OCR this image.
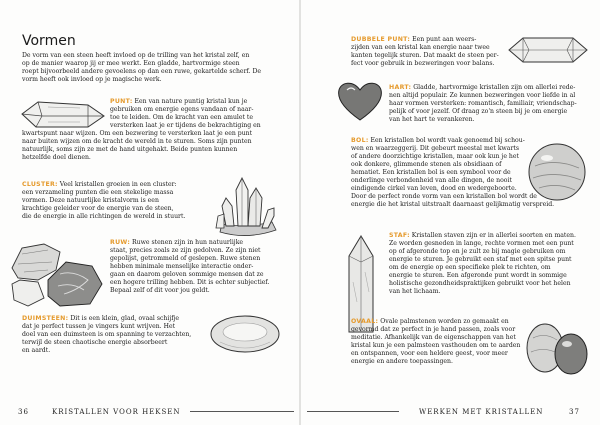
Vormen
De vorm van een steen heeft invloed op de trilling van het kristal zelf, en
op de manier waarop jij er mee werkt. Een gladde, hartvormige steen
roept bijvoorbeeld andere gevoelens op dan een ruwe, gekartelde scherf. De
vorm heeft ook invloed op je magische werk.
PUNT: Een van nature puntig kristal kun je
gebruiken om energie egens vandaan of naar-
toe te leiden. Om de kracht van een amulet te
versterken laat je er tijdens de bekrachtiging en
kwartspunt naar wijzen. Om een bezwering te versterken laat je een punt
naar buiten wijzen om de kracht de wereld in te sturen. Soms zijn punten
natuurlijk, soms zijn ze met de hand uitgehakt. Beide punten kunnen
hetzelfde doel dienen.
CLUSTER: Veel kristallen groeien in een cluster:
een verzameling punten die een stekelige massa
vormen. Deze natuurlijke kristalvorm is een
krachtige geleider voor de energie van de steen,
die de energie in alle richtingen de wereld in stuurt.
RUW: Ruwe stenen zijn in hun natuurlijke
staat, precies zoals ze zijn gedolven. Ze zijn niet
gepolijst, getrommeld of geslepen. Ruwe stenen
hebben minimale menselijke interactie onder-
gaan en daarom geloven sommige mensen dat ze
een hogere trilling hebben. Dit is echter subjectief.
Bepaal zelf of dit voor jou geldt.
DUIMSTEEN: Dit is een klein, glad, ovaal schijfje
dat je perfect tussen je vingers kunt wrijven. Het
doel van een duimsteen is om spanning te verzachten,
terwijl de steen chaotische energie absorbeert
en aardt.
36	KRISTALLEN VOOR HEKSEN
DUBBELE PUNT: Een punt aan weers-
zijden van een kristal kan energie naar twee
kanten tegelijk sturen. Dat maakt de steen per-
fect voor gebruik in bezweringen voor balans.
HART: Gladde, hartvormige kristallen zijn om allerlei rede-
nen altijd populair. Ze kunnen bezweringen voor liefde in al
haar vormen versterken: romantisch, familiair, vriendschap-
pelijk of voor jezelf. Of draag zo'n steen bij je om energie
van het hart te verankeren.
BOL: Een kristallen bol wordt vaak genoemd bij schou-
wen en waarzeggerij. Dit gebeurt meestal met kwarts
of andere doorzichtige kristallen, maar ook kun je het
ook donkere, glimmende stenen als obsidiaan of
hematiet. Een kristallen bol is een symbool voor de
onderlinge verbondenheid van alle dingen, de nooit
eindigende cirkel van leven, dood en wedergeboorte.
Door de perfect ronde vorm van een kristallen bol wordt de
energie die het kristal uitstraalt daarnaast gelijkmatig verspreid.
STAF: Kristallen staven zijn er in allerlei soorten en maten.
Ze worden gesneden in lange, rechte vormen met een punt
op of afgeronde top en je zult ze bij magie gebruiken om
energie te sturen. Je gebruikt een staf met een spitse punt
om de energie op een specifieke plek te richten, om
energie te sturen. Een afgeronde punt wordt in sommige
holistische gezondheidspraktijken gebruikt voor het helen
van het lichaam.
OVAAL: Ovale palmstenen worden zo gemaakt en
gevormd dat ze perfect in je hand passen, zoals voor
meditatie. Afhankelijk van de eigenschappen van het
kristal kun je een palmsteen vasthouden om te aarden
en ontspannen, voor een heldere geest, voor meer
energie en andere toepassingen.
WERKEN MET KRISTALLEN	37
